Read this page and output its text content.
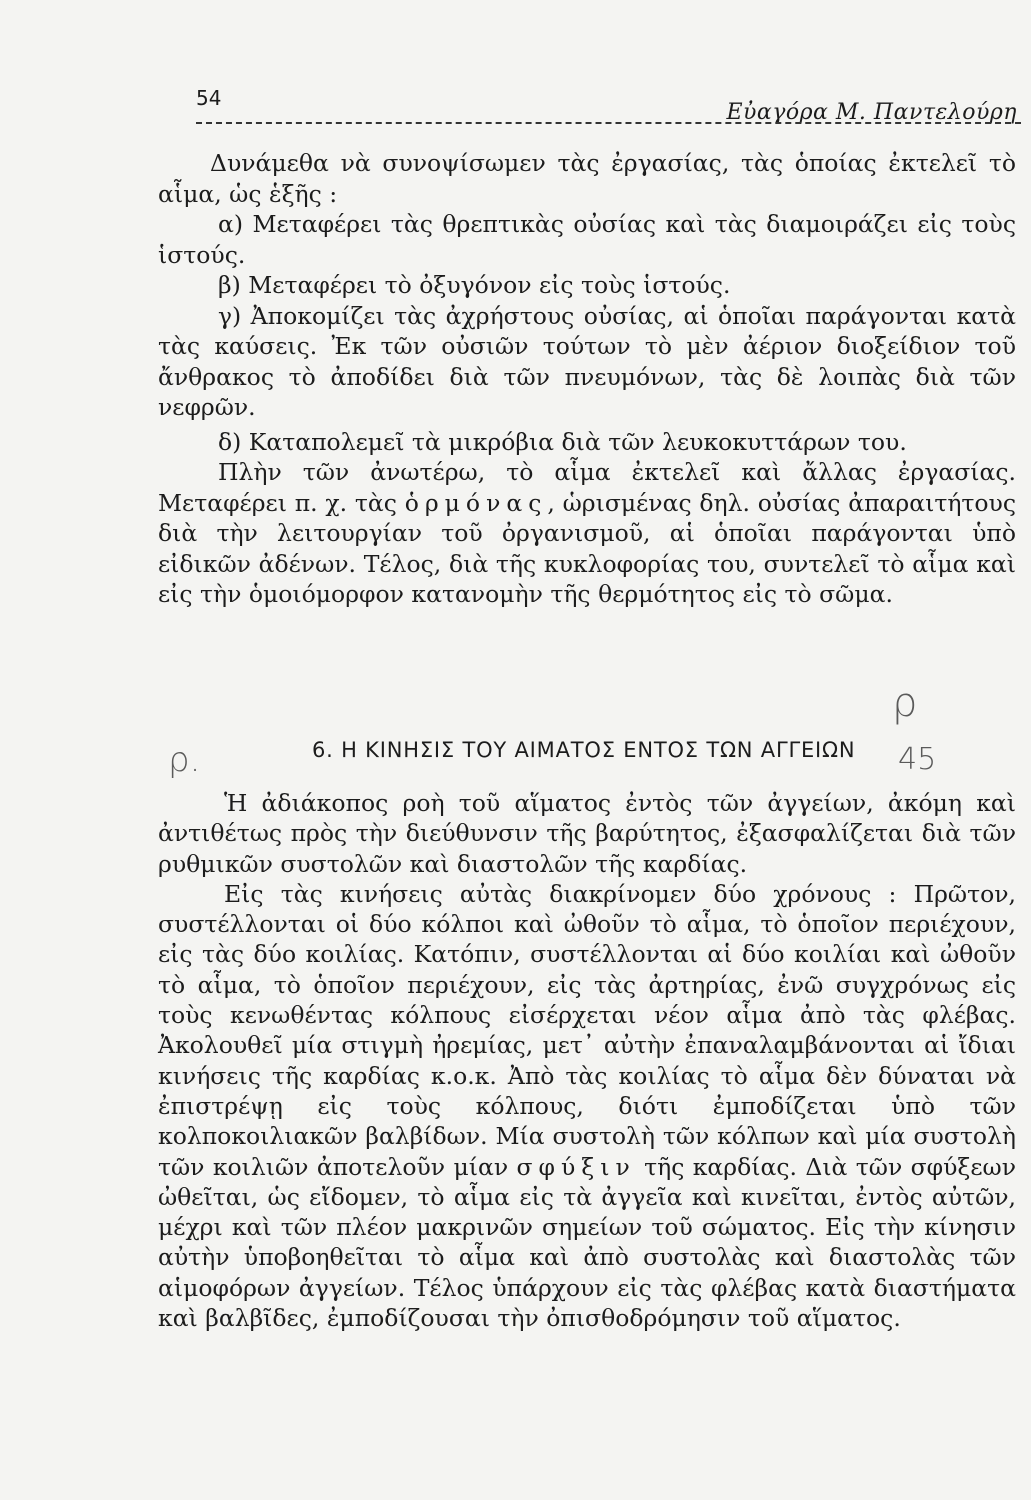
54
Εὐαγόρα Μ. Παντελούρη

Δυνάμεθα νὰ συνοψίσωμεν τὰς ἐργασίας, τὰς ὁποίας ἐκτελεῖ τὸ αἷμα, ὡς ἑξῆς :

α) Μεταφέρει τὰς θρεπτικὰς οὐσίας καὶ τὰς διαμοιράζει εἰς τοὺς ἱστούς.

β) Μεταφέρει τὸ ὀξυγόνον εἰς τοὺς ἱστούς.

γ) Ἀποκομίζει τὰς ἀχρήστους οὐσίας, αἱ ὁποῖαι παράγονται κατὰ τὰς καύσεις. Ἐκ τῶν οὐσιῶν τούτων τὸ μὲν ἀέριον διοξείδιον τοῦ ἄνθρακος τὸ ἀποδίδει διὰ τῶν πνευμόνων, τὰς δὲ λοιπὰς διὰ τῶν νεφρῶν.

δ) Καταπολεμεῖ τὰ μικρόβια διὰ τῶν λευκοκυττάρων του.

Πλὴν τῶν ἀνωτέρω, τὸ αἷμα ἐκτελεῖ καὶ ἄλλας ἐργασίας. Μεταφέρει π. χ. τὰς ὁρμόνας, ὡρισμένας δηλ. οὐσίας ἀπαραιτήτους διὰ τὴν λειτουργίαν τοῦ ὀργανισμοῦ, αἱ ὁποῖαι παράγονται ὑπὸ εἰδικῶν ἀδένων. Τέλος, διὰ τῆς κυκλοφορίας του, συντελεῖ τὸ αἷμα καὶ εἰς τὴν ὁμοιόμορφον κατανομὴν τῆς θερμότητος εἰς τὸ σῶμα.

6. Η ΚΙΝΗΣΙΣ ΤΟΥ ΑΙΜΑΤΟΣ ΕΝΤΟΣ ΤΩΝ ΑΓΓΕΙΩΝ

Ἡ ἀδιάκοπος ροὴ τοῦ αἵματος ἐντὸς τῶν ἀγγείων, ἀκόμη καὶ ἀντιθέτως πρὸς τὴν διεύθυνσιν τῆς βαρύτητος, ἐξασφαλίζεται διὰ τῶν ρυθμικῶν συστολῶν καὶ διαστολῶν τῆς καρδίας.

Εἰς τὰς κινήσεις αὐτὰς διακρίνομεν δύο χρόνους : Πρῶτον, συστέλλονται οἱ δύο κόλποι καὶ ὠθοῦν τὸ αἷμα, τὸ ὁποῖον περιέχουν, εἰς τὰς δύο κοιλίας. Κατόπιν, συστέλλονται αἱ δύο κοιλίαι καὶ ὠθοῦν τὸ αἷμα, τὸ ὁποῖον περιέχουν, εἰς τὰς ἀρτηρίας, ἐνῶ συγχρόνως εἰς τοὺς κενωθέντας κόλπους εἰσέρχεται νέον αἷμα ἀπὸ τὰς φλέβας. Ἀκολουθεῖ μία στιγμὴ ἠρεμίας, μετ᾿ αὐτὴν ἐπαναλαμβάνονται αἱ ἴδιαι κινήσεις τῆς καρδίας κ.ο.κ. Ἀπὸ τὰς κοιλίας τὸ αἷμα δὲν δύναται νὰ ἐπιστρέψῃ εἰς τοὺς κόλπους, διότι ἐμποδίζεται ὑπὸ τῶν κολποκοιλιακῶν βαλβίδων. Μία συστολὴ τῶν κόλπων καὶ μία συστολὴ τῶν κοιλιῶν ἀποτελοῦν μίαν σφύξιν τῆς καρδίας. Διὰ τῶν σφύξεων ὠθεῖται, ὡς εἴδομεν, τὸ αἷμα εἰς τὰ ἀγγεῖα καὶ κινεῖται, ἐντὸς αὐτῶν, μέχρι καὶ τῶν πλέον μακρινῶν σημείων τοῦ σώματος. Εἰς τὴν κίνησιν αὐτὴν ὑποβοηθεῖται τὸ αἷμα καὶ ἀπὸ συστολὰς καὶ διαστολὰς τῶν αἱμοφόρων ἀγγείων. Τέλος ὑπάρχουν εἰς τὰς φλέβας κατὰ διαστήματα καὶ βαλβῖδες, ἐμποδίζουσαι τὴν ὀπισθοδρόμησιν τοῦ αἵματος.

ρ
ρ.	45
